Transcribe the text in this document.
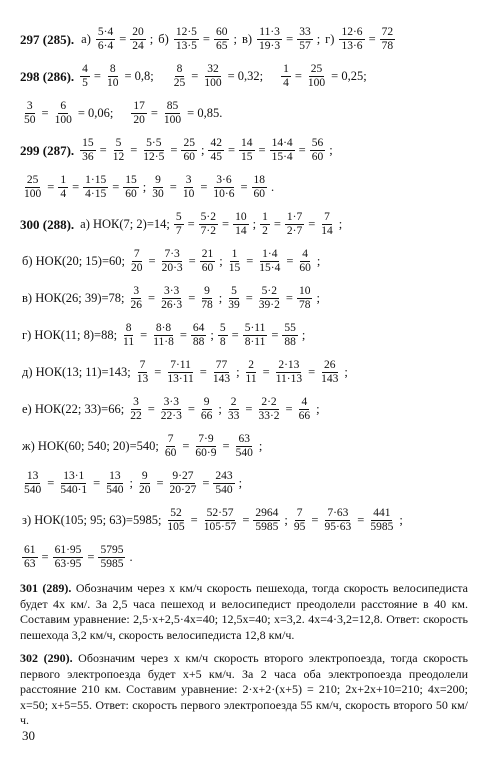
297 (285). $а) \frac{5\cdot 4}{6\cdot 4} = \frac{20}{24}$ ; $б) \frac{12\cdot 5}{13\cdot 5} = \frac{60}{65}$ ; $в) \frac{11\cdot 3}{19\cdot 3} = \frac{33}{57}$ ; $г) \frac{12\cdot 6}{13\cdot 6} = \frac{72}{78}$
298 (286). $\frac{4}{5} = \frac{8}{10} = 0,8$; $\frac{8}{25} = \frac{32}{100} = 0,32$; $\frac{1}{4} = \frac{25}{100} = 0,25$;
$\frac{3}{50} = \frac{6}{100} = 0,06$; $\frac{17}{20} = \frac{85}{100} = 0,85$.
299 (287). $\frac{15}{36} = \frac{5}{12} = \frac{5\cdot 5}{12\cdot 5} = \frac{25}{60}$ ; $\frac{42}{45} = \frac{14}{15} = \frac{14\cdot 4}{15\cdot 4} = \frac{56}{60}$ ;
$\frac{25}{100} = \frac{1}{4} = \frac{1\cdot 15}{4\cdot 15} = \frac{15}{60}$ ; $\frac{9}{30} = \frac{3}{10} = \frac{3\cdot 6}{10\cdot 6} = \frac{18}{60}$ .
300 (288). а) НОК(7; 2)=14; $\frac{5}{7} = \frac{5\cdot 2}{7\cdot 2} = \frac{10}{14}$ ; $\frac{1}{2} = \frac{1\cdot 7}{2\cdot 7} = \frac{7}{14}$ ;
б) НОК(20; 15)=60; $\frac{7}{20} = \frac{7\cdot 3}{20\cdot 3} = \frac{21}{60}$ ; $\frac{1}{15} = \frac{1\cdot 4}{15\cdot 4} = \frac{4}{60}$ ;
в) НОК(26; 39)=78; $\frac{3}{26} = \frac{3\cdot 3}{26\cdot 3} = \frac{9}{78}$ ; $\frac{5}{39} = \frac{5\cdot 2}{39\cdot 2} = \frac{10}{78}$ ;
г) НОК(11; 8)=88; $\frac{8}{11} = \frac{8\cdot 8}{11\cdot 8} = \frac{64}{88}$ ; $\frac{5}{8} = \frac{5\cdot 11}{8\cdot 11} = \frac{55}{88}$ ;
д) НОК(13; 11)=143; $\frac{7}{13} = \frac{7\cdot 11}{13\cdot 11} = \frac{77}{143}$ ; $\frac{2}{11} = \frac{2\cdot 13}{11\cdot 13} = \frac{26}{143}$ ;
е) НОК(22; 33)=66; $\frac{3}{22} = \frac{3\cdot 3}{22\cdot 3} = \frac{9}{66}$ ; $\frac{2}{33} = \frac{2\cdot 2}{33\cdot 2} = \frac{4}{66}$ ;
ж) НОК(60; 540; 20)=540; $\frac{7}{60} = \frac{7\cdot 9}{60\cdot 9} = \frac{63}{540}$ ;
$\frac{13}{540} = \frac{13\cdot 1}{540\cdot 1} = \frac{13}{540}$ ; $\frac{9}{20} = \frac{9\cdot 27}{20\cdot 27} = \frac{243}{540}$ ;
з) НОК(105; 95; 63)=5985; $\frac{52}{105} = \frac{52\cdot 57}{105\cdot 57} = \frac{2964}{5985}$ ; $\frac{7}{95} = \frac{7\cdot 63}{95\cdot 63} = \frac{441}{5985}$ ;
$\frac{61}{63} = \frac{61\cdot 95}{63\cdot 95} = \frac{5795}{5985}$ .
301 (289). Обозначим через x км/ч скорость пешехода, тогда скорость велосипедиста будет 4x км/. За 2,5 часа пешеход и велосипедист преодолели расстояние в 40 км. Составим уравнение: 2,5·x+2,5·4x=40; 12,5x=40; x=3,2. 4x=4·3,2=12,8. Ответ: скорость пешехода 3,2 км/ч, скорость велосипедиста 12,8 км/ч.
302 (290). Обозначим через x км/ч скорость второго электропоезда, тогда скорость первого электропоезда будет x+5 км/ч. За 2 часа оба электропоезда преодолели расстояние 210 км. Составим уравнение: 2·x+2·(x+5) = 210; 2x+2x+10=210; 4x=200; x=50; x+5=55. Ответ: скорость первого электропоезда 55 км/ч, скорость второго 50 км/ч.
30
